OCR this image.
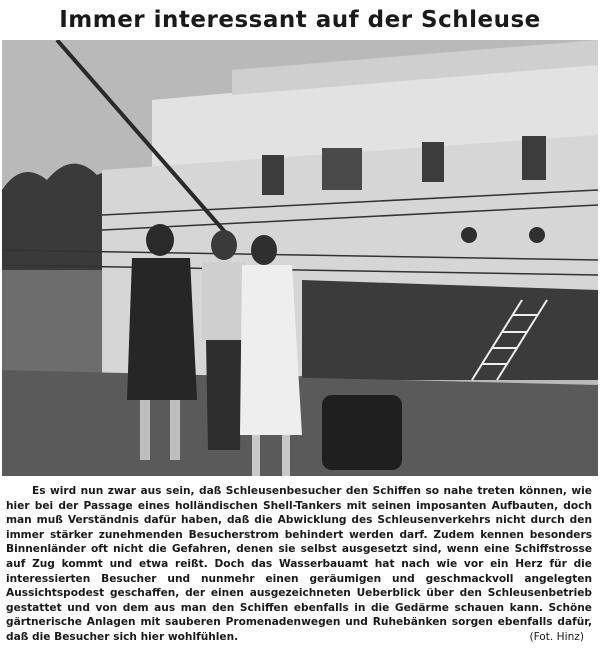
Immer interessant auf der Schleuse

Es wird nun zwar aus sein, daß Schleusenbesucher den Schiffen so nahe treten können, wie hier bei der Passage eines holländischen Shell-Tankers mit seinen imposanten Aufbauten, doch man muß Verständnis dafür haben, daß die Abwicklung des Schleusenverkehrs nicht durch den immer stärker zunehmenden Besucherstrom behindert werden darf. Zudem kennen besonders Binnenländer oft nicht die Gefahren, denen sie selbst ausgesetzt sind, wenn eine Schiffstrosse auf Zug kommt und etwa reißt. Doch das Wasserbauamt hat nach wie vor ein Herz für die interessierten Besucher und nunmehr einen geräumigen und geschmackvoll angelegten Aussichtspodest geschaffen, der einen ausgezeichneten Ueberblick über den Schleusenbetrieb gestattet und von dem aus man den Schiffen ebenfalls in die Gedärme schauen kann. Schöne gärtnerische Anlagen mit sauberen Promenadenwegen und Ruhebänken sorgen ebenfalls dafür, daß die Besucher sich hier wohlfühlen.	(Fot. Hinz)
